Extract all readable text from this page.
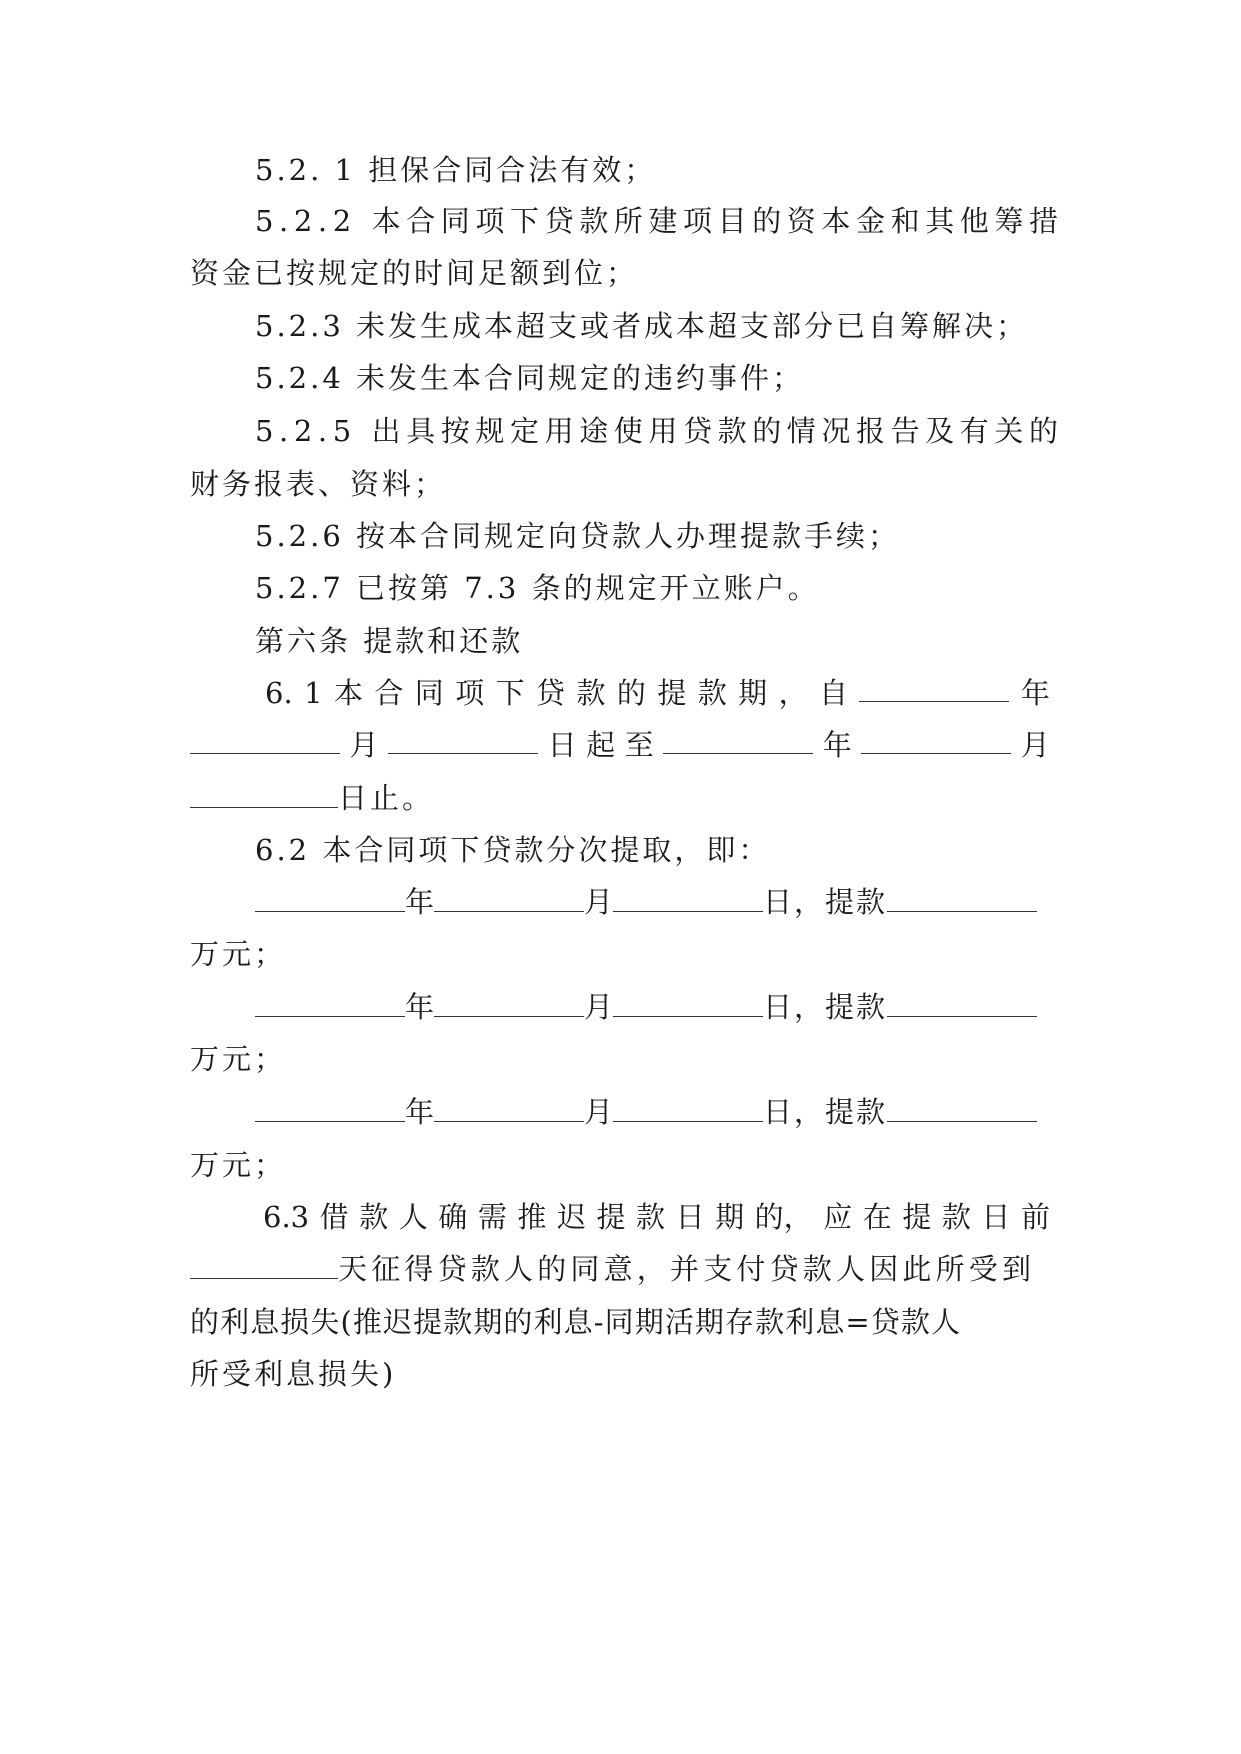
5.2. 1 担保合同合法有效；
5.2.2 本合同项下贷款所建项目的资本金和其他筹措
资金已按规定的时间足额到位；
5.2.3 未发生成本超支或者成本超支部分已自筹解决；
5.2.4 未发生本合同规定的违约事件；
5.2.5 出具按规定用途使用贷款的情况报告及有关的
财务报表、资料；
5.2.6 按本合同规定向贷款人办理提款手续；
5.2.7 已按第 7.3 条的规定开立账户。
第六条 提款和还款
6. 1 本 合 同 项 下 贷 款 的 提 款 期 ， 自	年
月	日 起 至	年	月
日止。
6.2 本合同项下贷款分次提取，即：
年	月	日，提款
万元；
年	月	日，提款
万元；
年	月	日，提款
万元；
6.3 借 款 人 确 需 推 迟 提 款 日 期 的， 应 在 提 款 日 前
天征得贷款人的同意，并支付贷款人因此所受到
的利息损失(推迟提款期的利息-同期活期存款利息=贷款人
所受利息损失)
